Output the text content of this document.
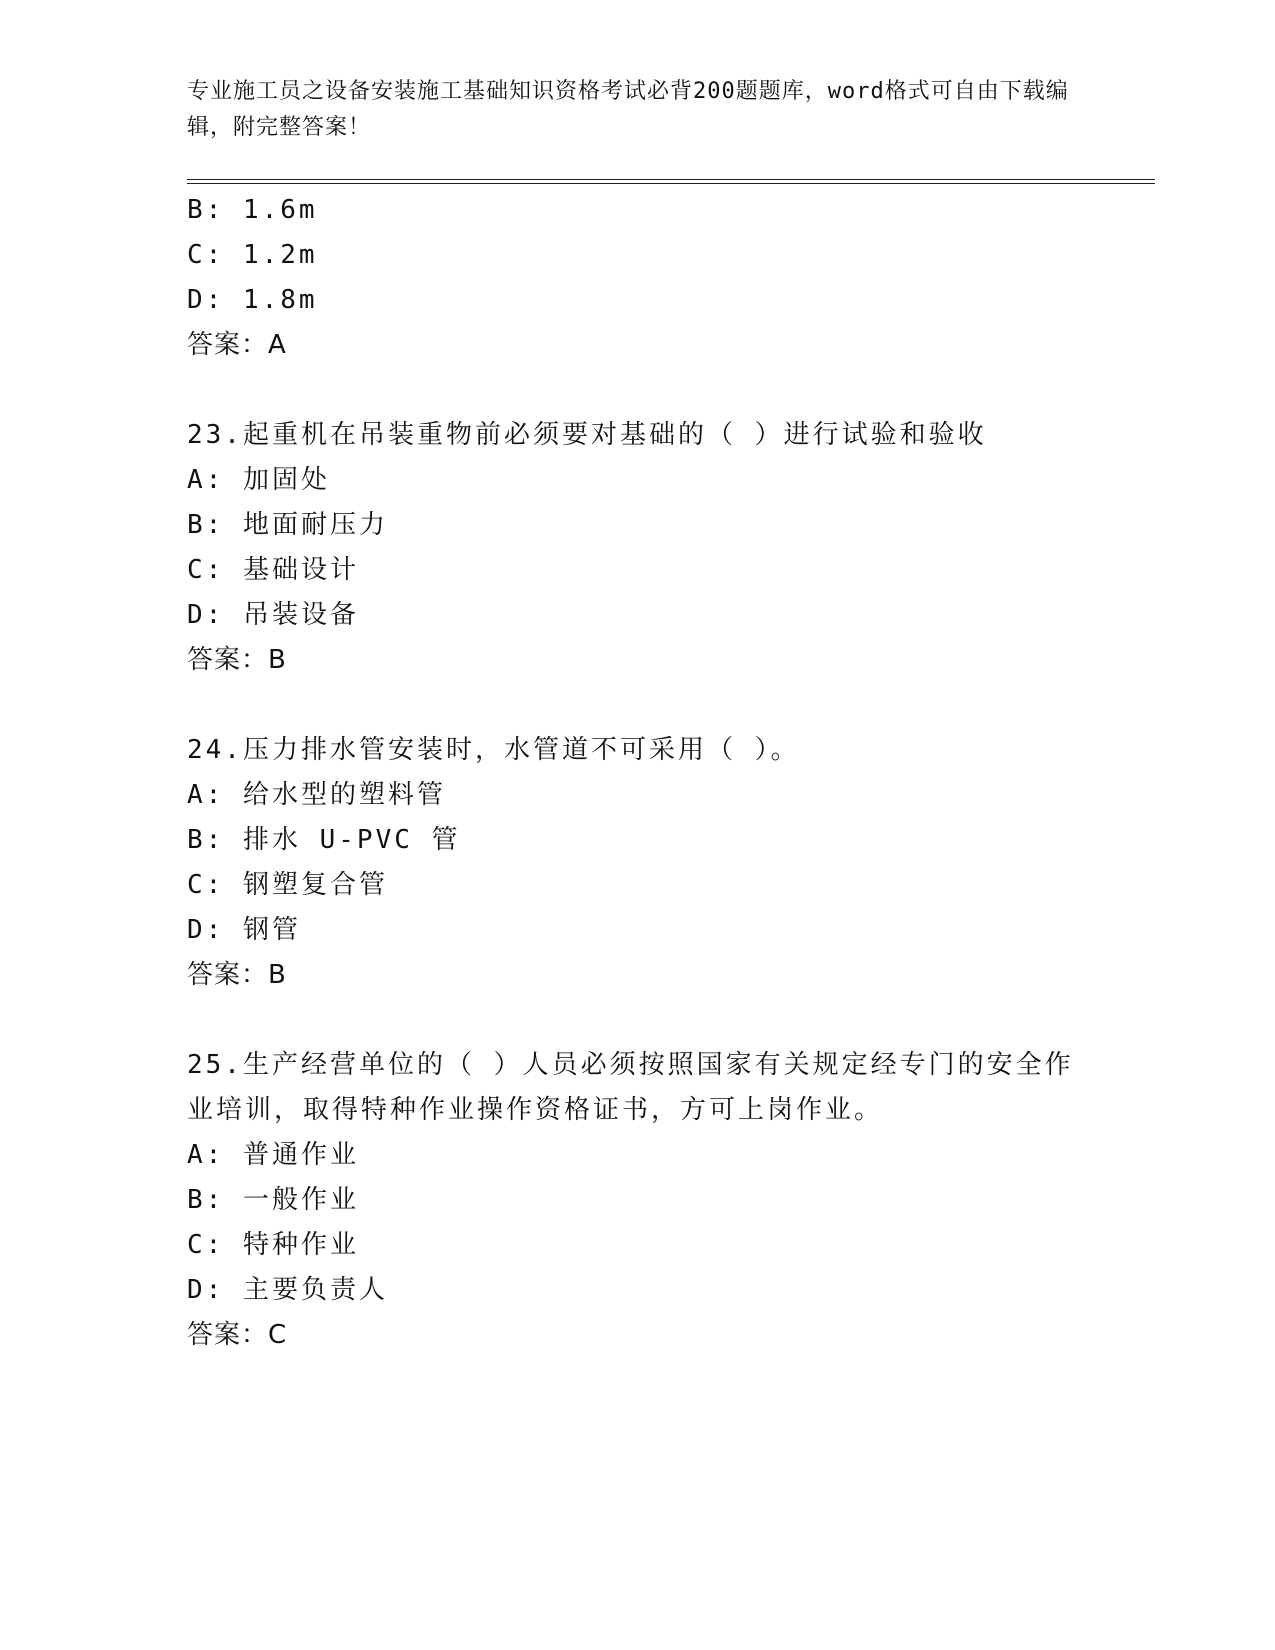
专业施工员之设备安装施工基础知识资格考试必背200题题库，word格式可自由下载编辑，附完整答案！
B: 1.6m
C: 1.2m
D: 1.8m
答案：A
23.起重机在吊装重物前必须要对基础的（ ）进行试验和验收
A: 加固处
B: 地面耐压力
C: 基础设计
D: 吊装设备
答案：B
24.压力排水管安装时，水管道不可采用（ ）。
A: 给水型的塑料管
B: 排水 U-PVC 管
C: 钢塑复合管
D: 钢管
答案：B
25.生产经营单位的（ ）人员必须按照国家有关规定经专门的安全作
业培训，取得特种作业操作资格证书，方可上岗作业。
A: 普通作业
B: 一般作业
C: 特种作业
D: 主要负责人
答案：C
